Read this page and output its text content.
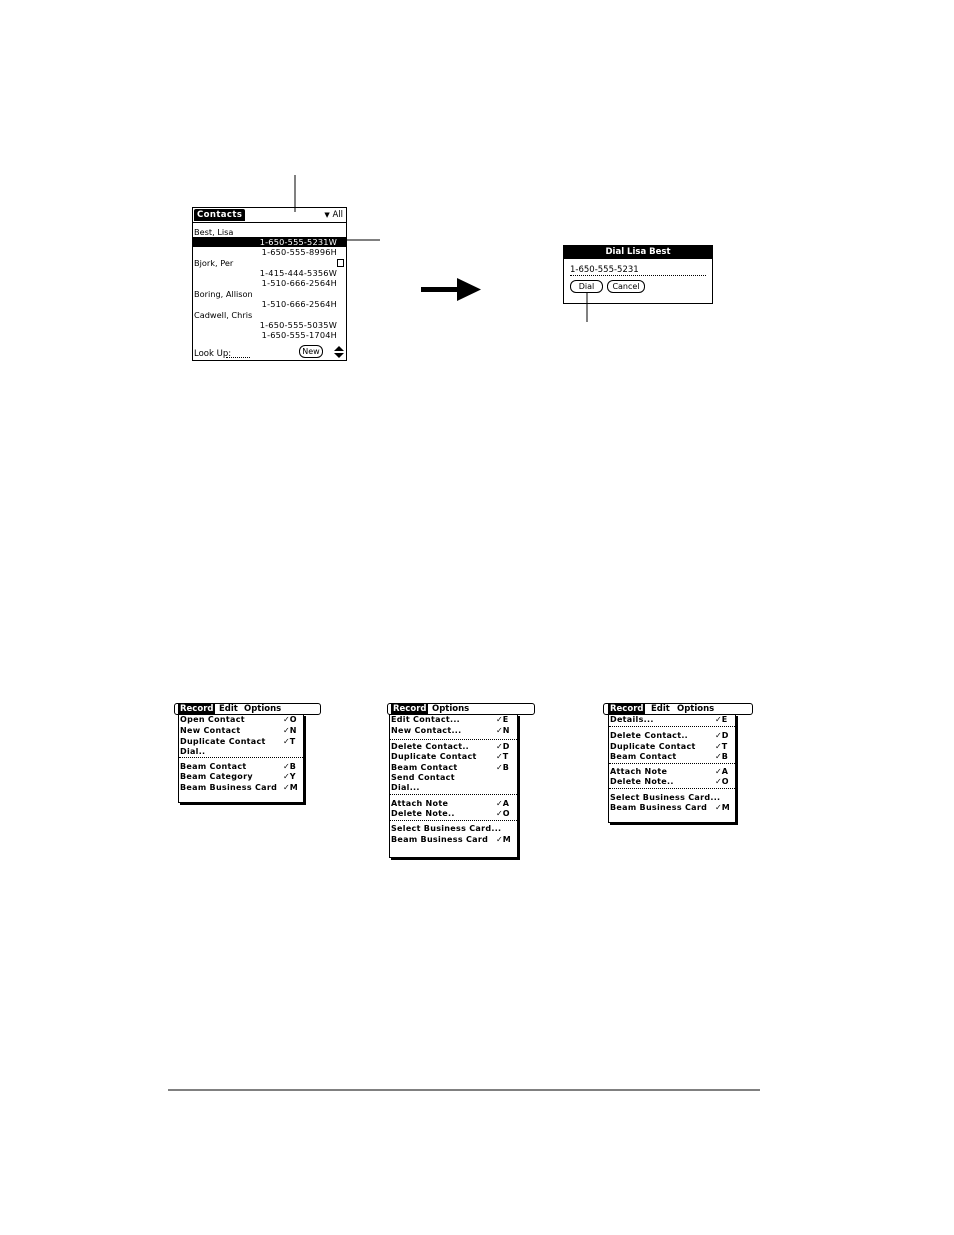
Contacts	▼ All
Best, Lisa
1-650-555-5231W
1-650-555-8996H
Bjork, Per
1-415-444-5356W
1-510-666-2564H
Boring, Allison
1-510-666-2564H
Cadwell, Chris
1-650-555-5035W
1-650-555-1704H
Look Up:	New
Dial Lisa Best
1-650-555-5231
Dial	Cancel
Record Edit Options
Open Contact	✓O
New Contact	✓N
Duplicate Contact ✓T
Dial..
Beam Contact	✓B
Beam Category	✓Y
Beam Business Card ✓M
Record Options
Edit Contact...	✓E
New Contact...	✓N
Delete Contact..	✓D
Duplicate Contact ✓T
Beam Contact	✓B
Send Contact
Dial...
Attach Note	✓A
Delete Note..	✓O
Select Business Card...
Beam Business Card ✓M
Record Edit Options
Details...	✓E
Delete Contact..	✓D
Duplicate Contact ✓T
Beam Contact	✓B
Attach Note	✓A
Delete Note..	✓O
Select Business Card...
Beam Business Card ✓M
